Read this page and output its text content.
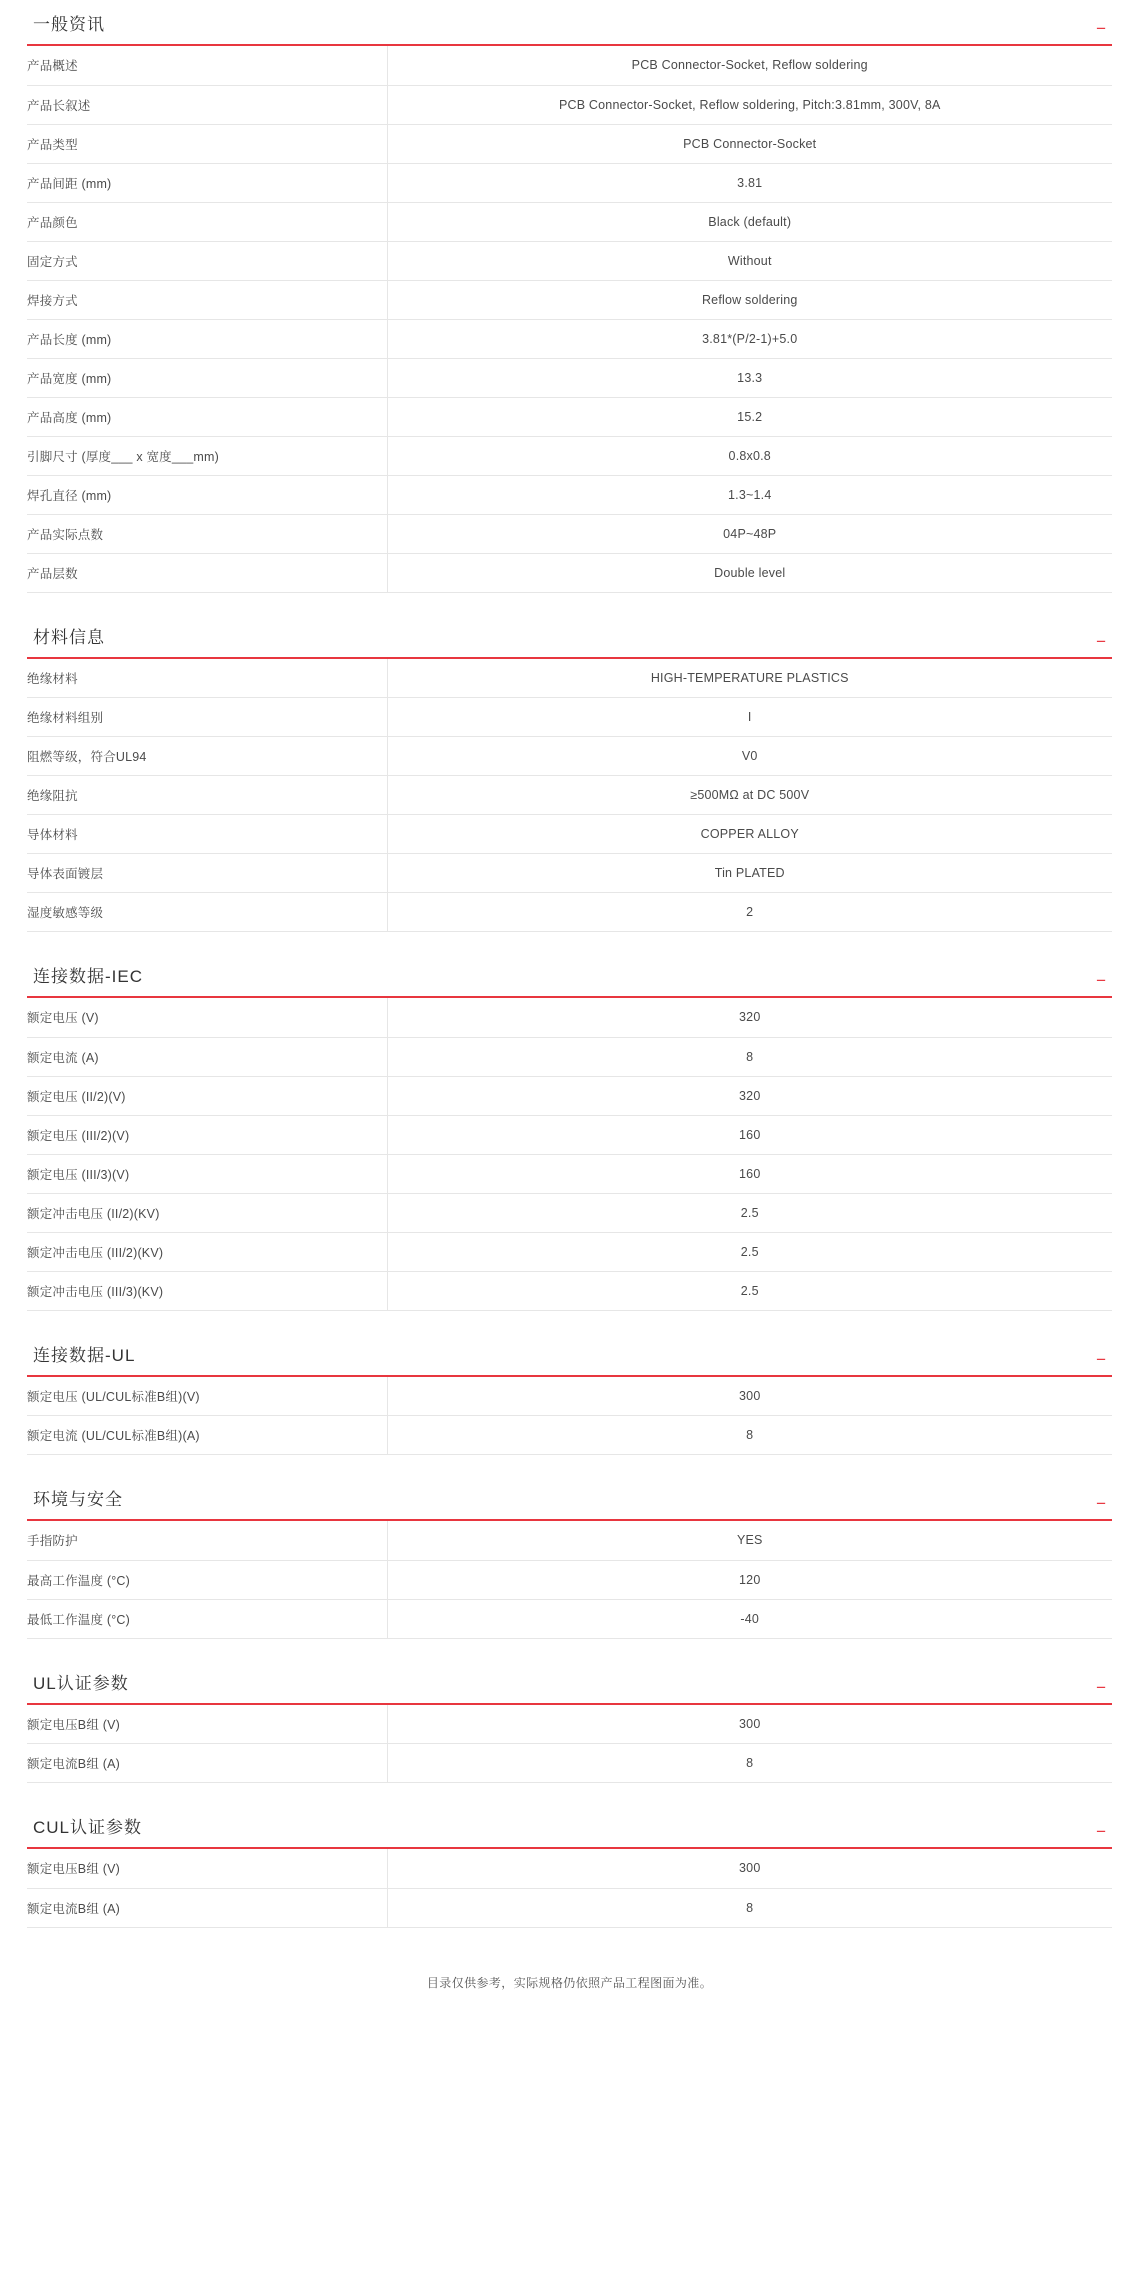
一般资讯	−
产品概述	PCB Connector-Socket, Reflow soldering
产品长叙述	PCB Connector-Socket, Reflow soldering, Pitch:3.81mm, 300V, 8A
产品类型	PCB Connector-Socket
产品间距 (mm)	3.81
产品颜色	Black (default)
固定方式	Without
焊接方式	Reflow soldering
产品长度 (mm)	3.81*(P/2-1)+5.0
产品宽度 (mm)	13.3
产品高度 (mm)	15.2
引脚尺寸 (厚度___ x 宽度___mm)	0.8x0.8
焊孔直径 (mm)	1.3~1.4
产品实际点数	04P~48P
产品层数	Double level
材料信息	−
绝缘材料	HIGH-TEMPERATURE PLASTICS
绝缘材料组别	I
阻燃等级，符合UL94	V0
绝缘阻抗	≥500MΩ at DC 500V
导体材料	COPPER ALLOY
导体表面镀层	Tin PLATED
湿度敏感等级	2
连接数据-IEC	−
额定电压 (V)	320
额定电流 (A)	8
额定电压 (II/2)(V)	320
额定电压 (III/2)(V)	160
额定电压 (III/3)(V)	160
额定冲击电压 (II/2)(KV)	2.5
额定冲击电压 (III/2)(KV)	2.5
额定冲击电压 (III/3)(KV)	2.5
连接数据-UL	−
额定电压 (UL/CUL标准B组)(V)	300
额定电流 (UL/CUL标准B组)(A)	8
环境与安全	−
手指防护	YES
最高工作温度 (°C)	120
最低工作温度 (°C)	-40
UL认证参数	−
额定电压B组 (V)	300
额定电流B组 (A)	8
CUL认证参数	−
额定电压B组 (V)	300
额定电流B组 (A)	8
目录仅供参考，实际规格仍依照产品工程图面为准。
